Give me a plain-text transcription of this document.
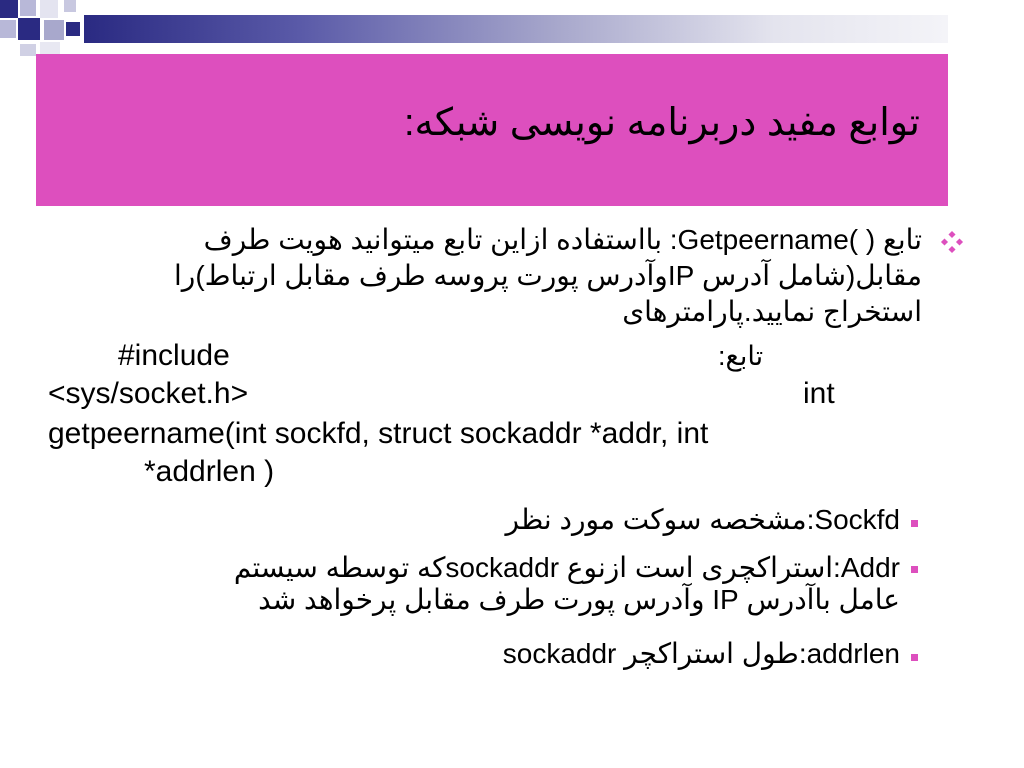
توابع مفید دربرنامه نویسی شبکه:
تابع ( )Getpeername: بااستفاده ازاین تابع میتوانید هویت طرف
مقابل(شامل آدرس IPوآدرس پورت پروسه طرف مقابل ارتباط)را
استخراج نمایید.پارامترهای
#include	تابع:
<sys/socket.h>	int
getpeername(int sockfd, struct sockaddr *addr, int
*addrlen )
Sockfd:مشخصه سوکت مورد نظر
Addr:استراکچری است ازنوع sockaddrکه توسطه سیستم
عامل باآدرس IP وآدرس پورت طرف مقابل پرخواهد شد
addrlen:طول استراکچر sockaddr
